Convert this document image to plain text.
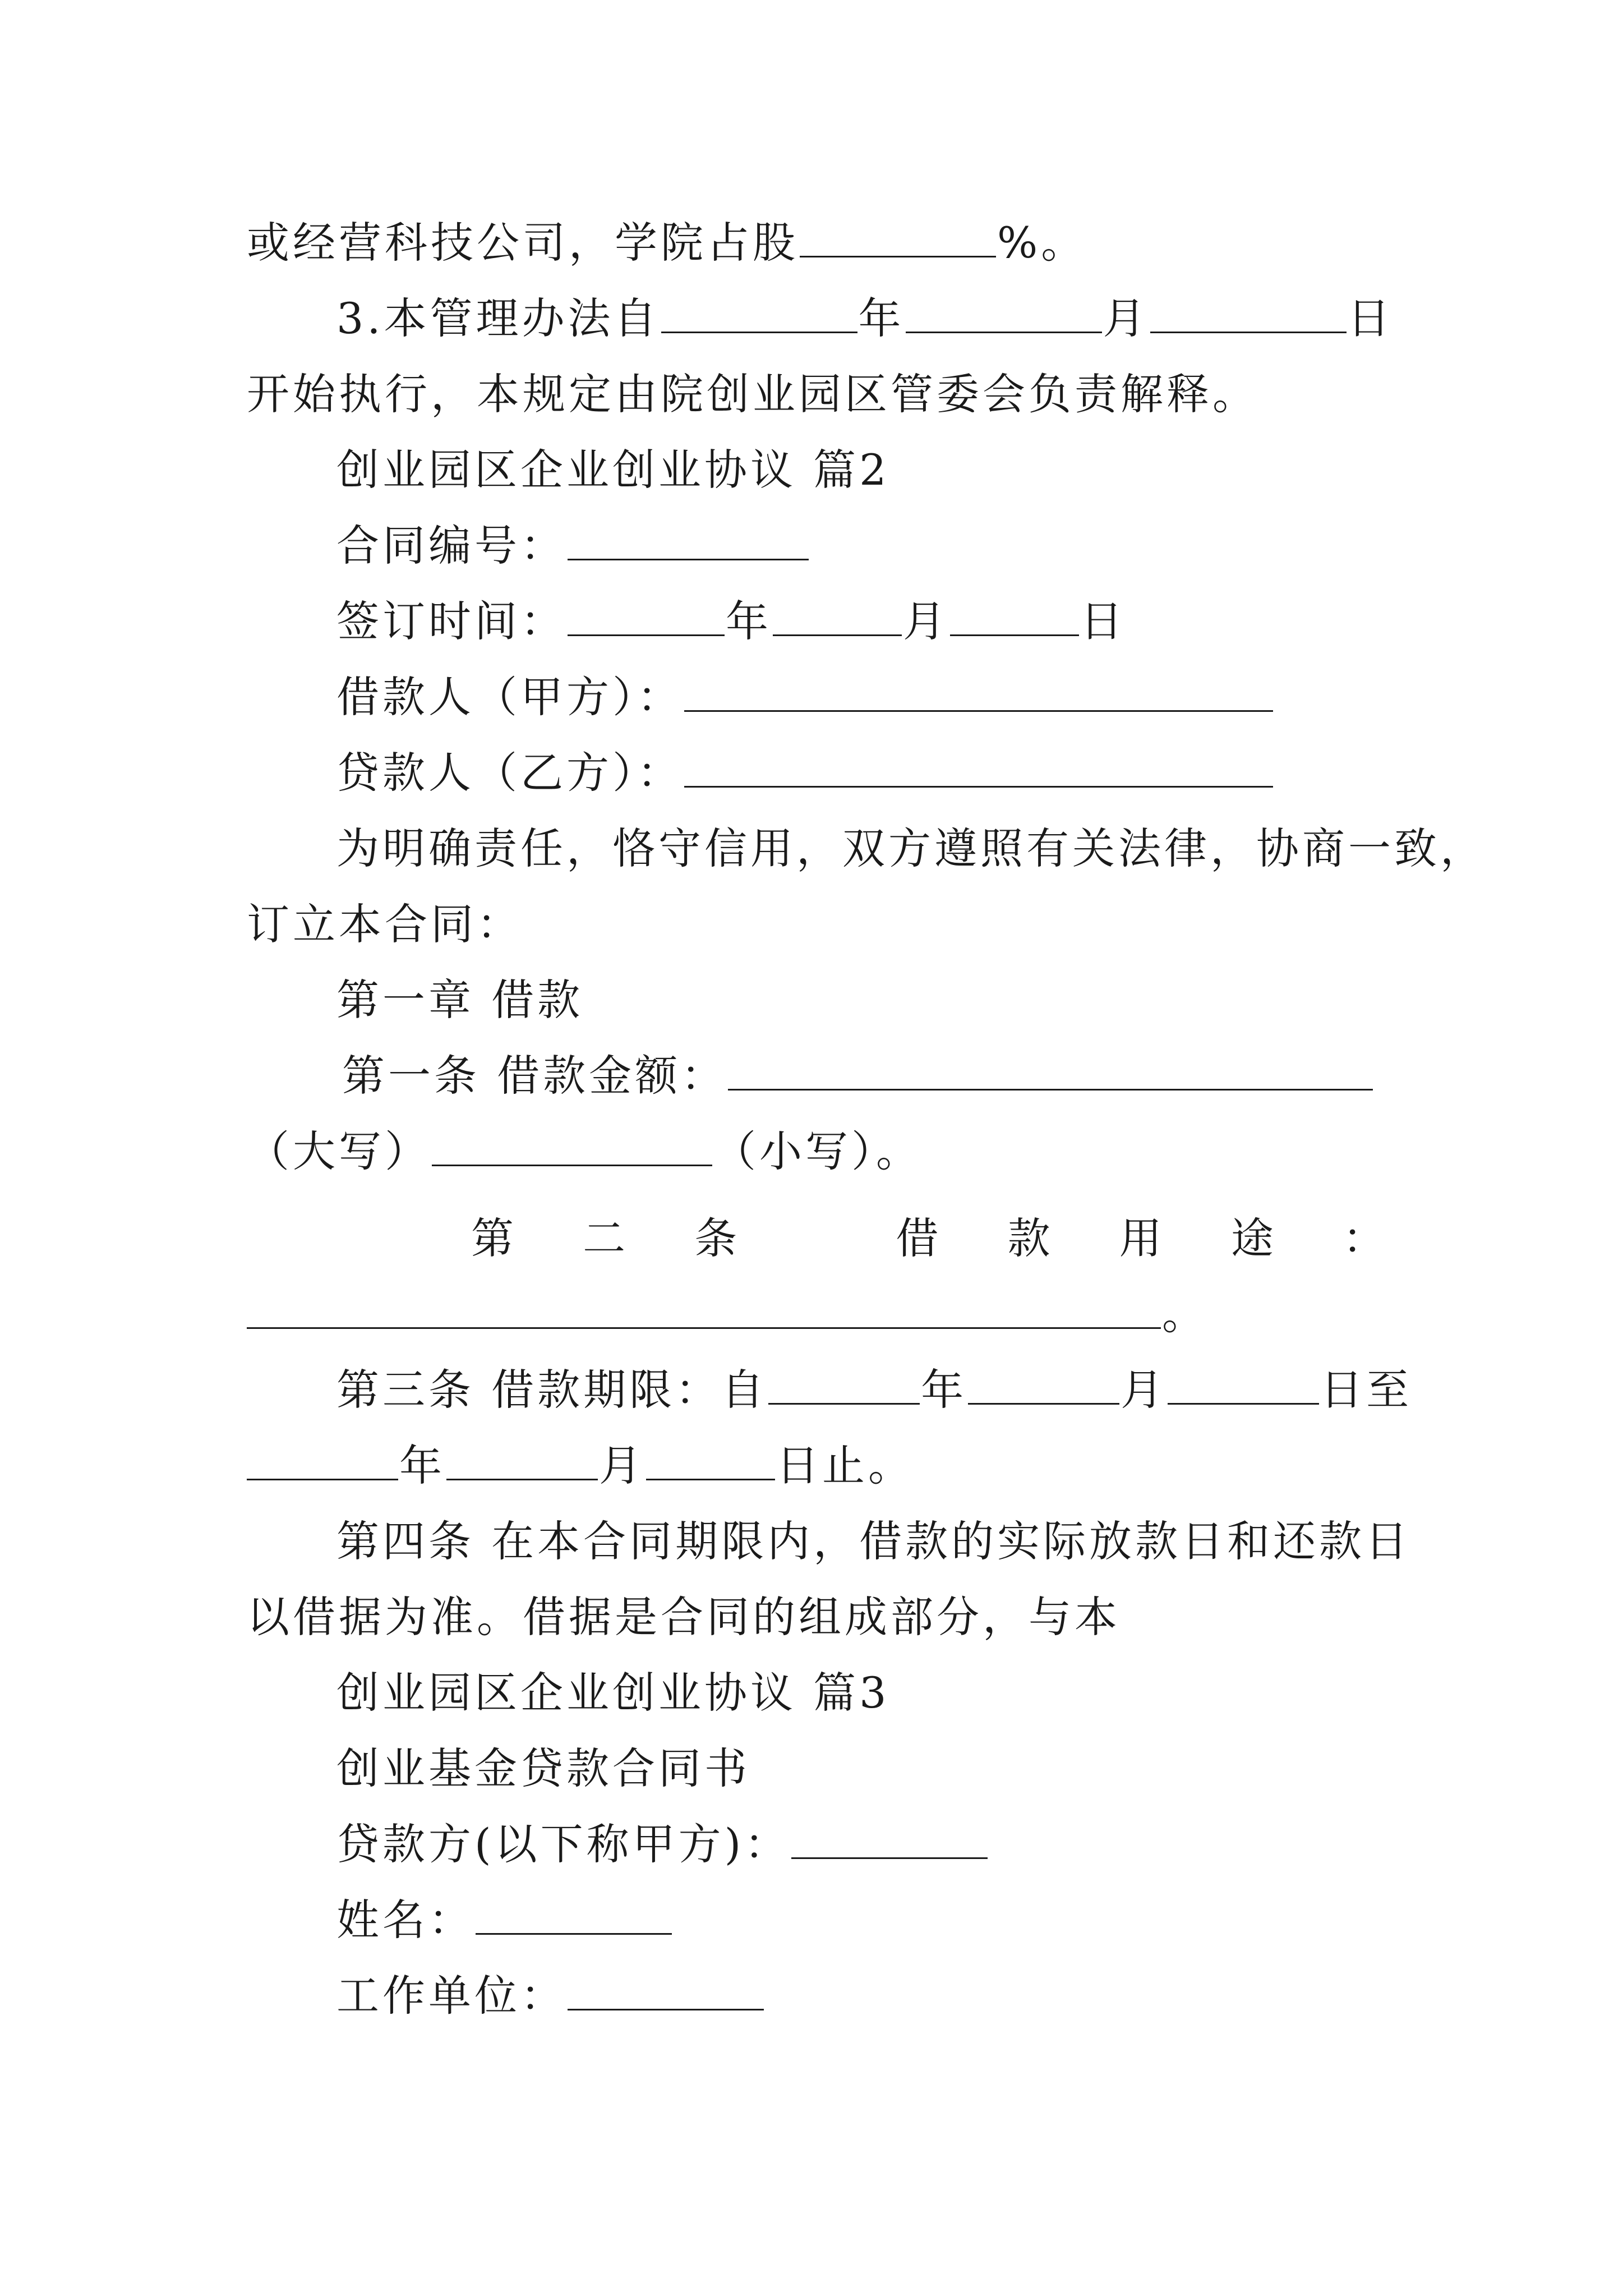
或经营科技公司，学院占股	%。
3.本管理办法自	年	月	日
开始执行，本规定由院创业园区管委会负责解释。
创业园区企业创业协议 篇2
合同编号：
签订时间：	年	月	日
借款人（甲方）：
贷款人（乙方）：
为明确责任，恪守信用，双方遵照有关法律，协商一致，
订立本合同：
第一章 借款
第一条 借款金额：
（大写）	（小写）。
第 二 条	借 款 用 途 ：
。
第三条 借款期限：自	年	月	日至
年	月	日止。
第四条 在本合同期限内，借款的实际放款日和还款日
以借据为准。借据是合同的组成部分，与本
创业园区企业创业协议 篇3
创业基金贷款合同书
贷款方(以下称甲方)：
姓名：
工作单位：
